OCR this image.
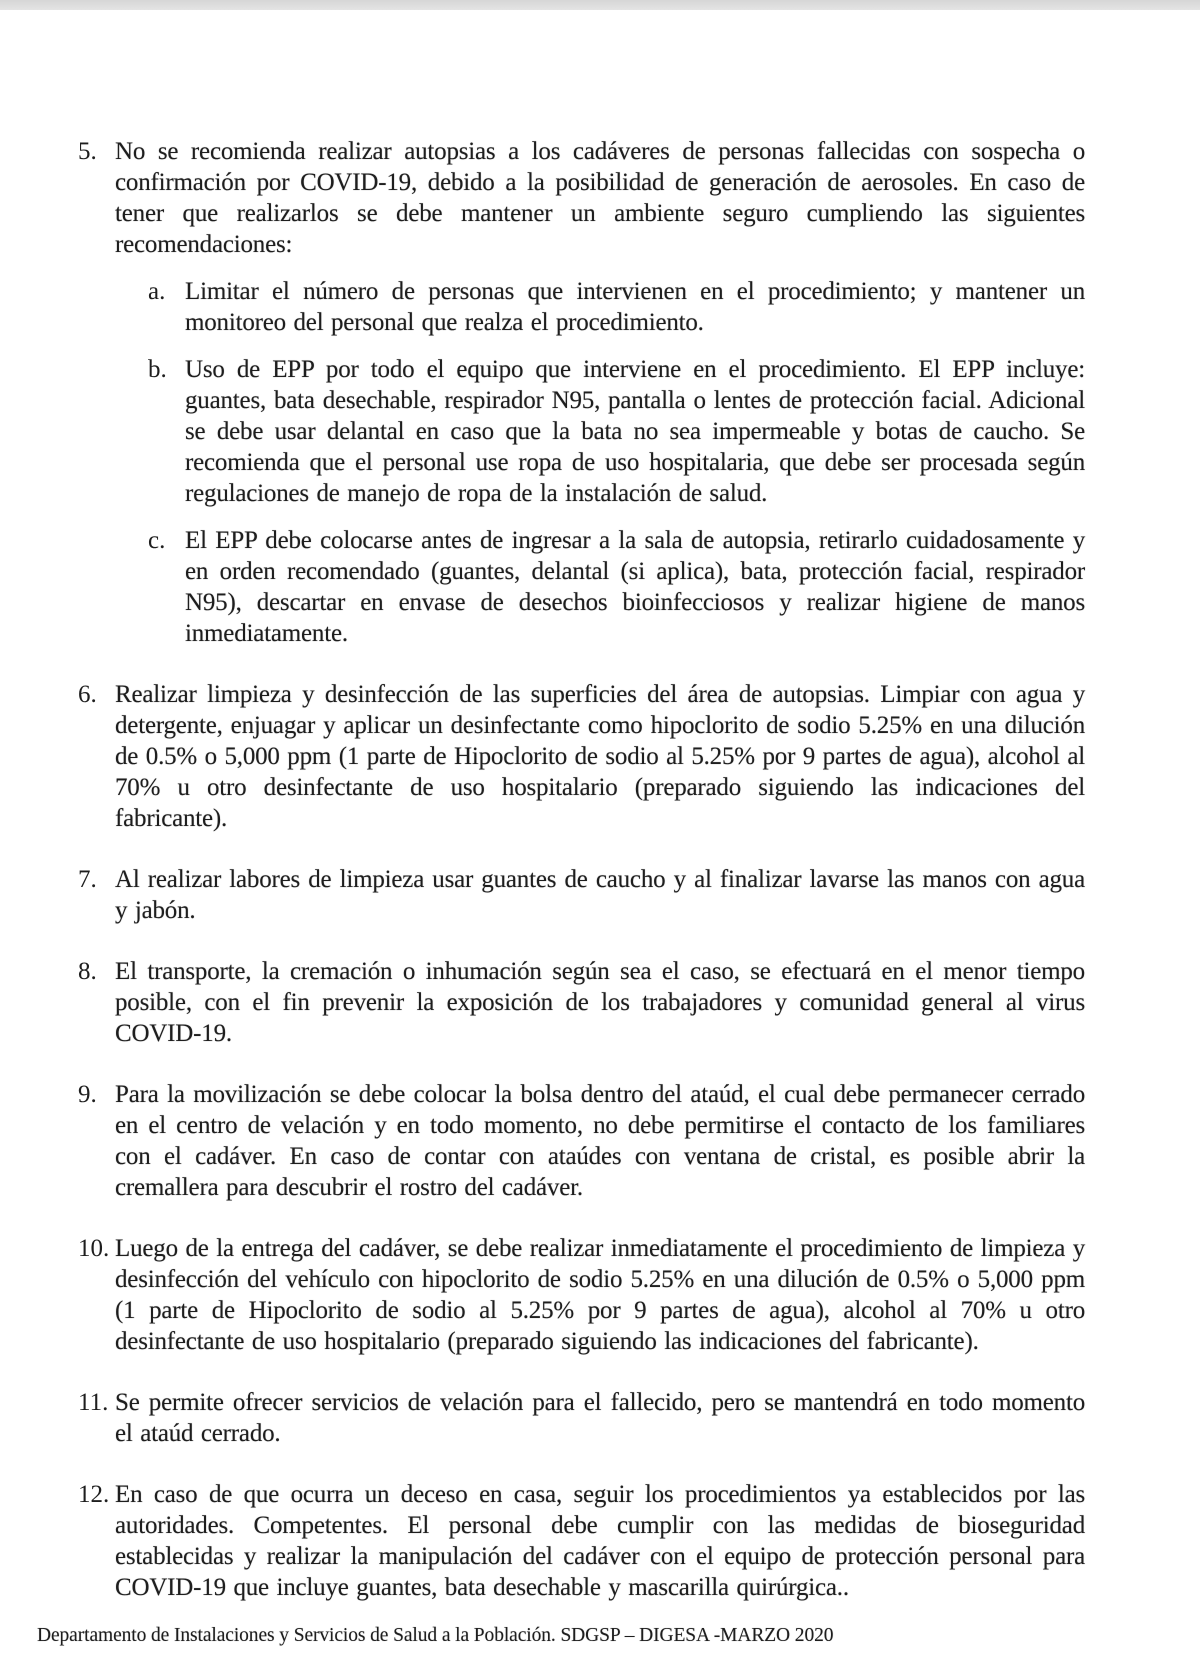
5. No se recomienda realizar autopsias a los cadáveres de personas fallecidas con sospecha o confirmación por COVID-19, debido a la posibilidad de generación de aerosoles. En caso de tener que realizarlos se debe mantener un ambiente seguro cumpliendo las siguientes recomendaciones:

a. Limitar el número de personas que intervienen en el procedimiento; y mantener un monitoreo del personal que realza el procedimiento.

b. Uso de EPP por todo el equipo que interviene en el procedimiento. El EPP incluye: guantes, bata desechable, respirador N95, pantalla o lentes de protección facial. Adicional se debe usar delantal en caso que la bata no sea impermeable y botas de caucho. Se recomienda que el personal use ropa de uso hospitalaria, que debe ser procesada según regulaciones de manejo de ropa de la instalación de salud.

c. El EPP debe colocarse antes de ingresar a la sala de autopsia, retirarlo cuidadosamente y en orden recomendado (guantes, delantal (si aplica), bata, protección facial, respirador N95), descartar en envase de desechos bioinfecciosos y realizar higiene de manos inmediatamente.

6. Realizar limpieza y desinfección de las superficies del área de autopsias. Limpiar con agua y detergente, enjuagar y aplicar un desinfectante como hipoclorito de sodio 5.25% en una dilución de 0.5% o 5,000 ppm (1 parte de Hipoclorito de sodio al 5.25% por 9 partes de agua), alcohol al 70% u otro desinfectante de uso hospitalario (preparado siguiendo las indicaciones del fabricante).

7. Al realizar labores de limpieza usar guantes de caucho y al finalizar lavarse las manos con agua y jabón.

8. El transporte, la cremación o inhumación según sea el caso, se efectuará en el menor tiempo posible, con el fin prevenir la exposición de los trabajadores y comunidad general al virus COVID-19.

9. Para la movilización se debe colocar la bolsa dentro del ataúd, el cual debe permanecer cerrado en el centro de velación y en todo momento, no debe permitirse el contacto de los familiares con el cadáver. En caso de contar con ataúdes con ventana de cristal, es posible abrir la cremallera para descubrir el rostro del cadáver.

10. Luego de la entrega del cadáver, se debe realizar inmediatamente el procedimiento de limpieza y desinfección del vehículo con hipoclorito de sodio 5.25% en una dilución de 0.5% o 5,000 ppm (1 parte de Hipoclorito de sodio al 5.25% por 9 partes de agua), alcohol al 70% u otro desinfectante de uso hospitalario (preparado siguiendo las indicaciones del fabricante).

11. Se permite ofrecer servicios de velación para el fallecido, pero se mantendrá en todo momento el ataúd cerrado.

12. En caso de que ocurra un deceso en casa, seguir los procedimientos ya establecidos por las autoridades. Competentes. El personal debe cumplir con las medidas de bioseguridad establecidas y realizar la manipulación del cadáver con el equipo de protección personal para COVID-19 que incluye guantes, bata desechable y mascarilla quirúrgica..

Departamento de Instalaciones y Servicios de Salud a la Población. SDGSP – DIGESA -MARZO 2020
